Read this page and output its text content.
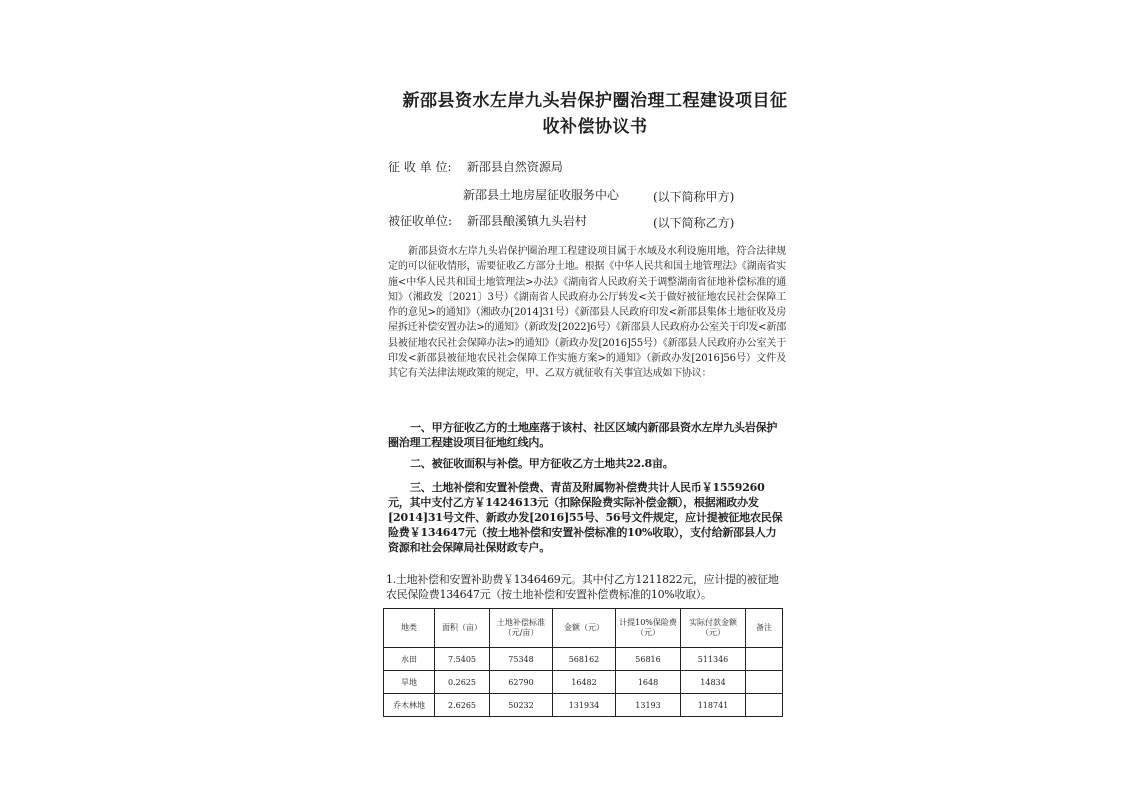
新邵县资水左岸九头岩保护圈治理工程建设项目征
收补偿协议书
征 收 单 位: 新邵县自然资源局
新邵县土地房屋征收服务中心	(以下简称甲方)
被征收单位: 新邵县酿溪镇九头岩村	(以下简称乙方)
新邵县资水左岸九头岩保护圈治理工程建设项目属于水域及水利设施用地，符合法律规定的可以征收情形，需要征收乙方部分土地。根据《中华人民共和国土地管理法》《湖南省实施<中华人民共和国土地管理法>办法》《湖南省人民政府关于调整湖南省征地补偿标准的通知》（湘政发〔2021〕3号）《湖南省人民政府办公厅转发<关于做好被征地农民社会保障工作的意见>的通知》（湘政办[2014]31号）《新邵县人民政府印发<新邵县集体土地征收及房屋拆迁补偿安置办法>的通知》（新政发[2022]6号）《新邵县人民政府办公室关于印发<新邵县被征地农民社会保障办法>的通知》（新政办发[2016]55号）《新邵县人民政府办公室关于印发<新邵县被征地农民社会保障工作实施方案>的通知》（新政办发[2016]56号）文件及其它有关法律法规政策的规定，甲、乙双方就征收有关事宜达成如下协议：
一、甲方征收乙方的土地座落于该村、社区区域内新邵县资水左岸九头岩保护圈治理工程建设项目征地红线内。
二、被征收面积与补偿。甲方征收乙方土地共22.8亩。
三、土地补偿和安置补偿费、青苗及附属物补偿费共计人民币￥1559260元，其中支付乙方￥1424613元（扣除保险费实际补偿金额），根据湘政办发[2014]31号文件、新政办发[2016]55号、56号文件规定，应计提被征地农民保险费￥134647元（按土地补偿和安置补偿标准的10%收取），支付给新邵县人力资源和社会保障局社保财政专户。
1.土地补偿和安置补助费￥1346469元。其中付乙方1211822元，应计提的被征地农民保险费134647元（按土地补偿和安置补偿费标准的10%收取）。
地类	面积（亩）	土地补偿标准（元/亩）	金额（元）	计提10%保险费（元）	实际付款金额（元）	备注
水田	7.5405	75348	568162	56816	511346	
旱地	0.2625	62790	16482	1648	14834	
乔木林地	2.6265	50232	131934	13193	118741	
